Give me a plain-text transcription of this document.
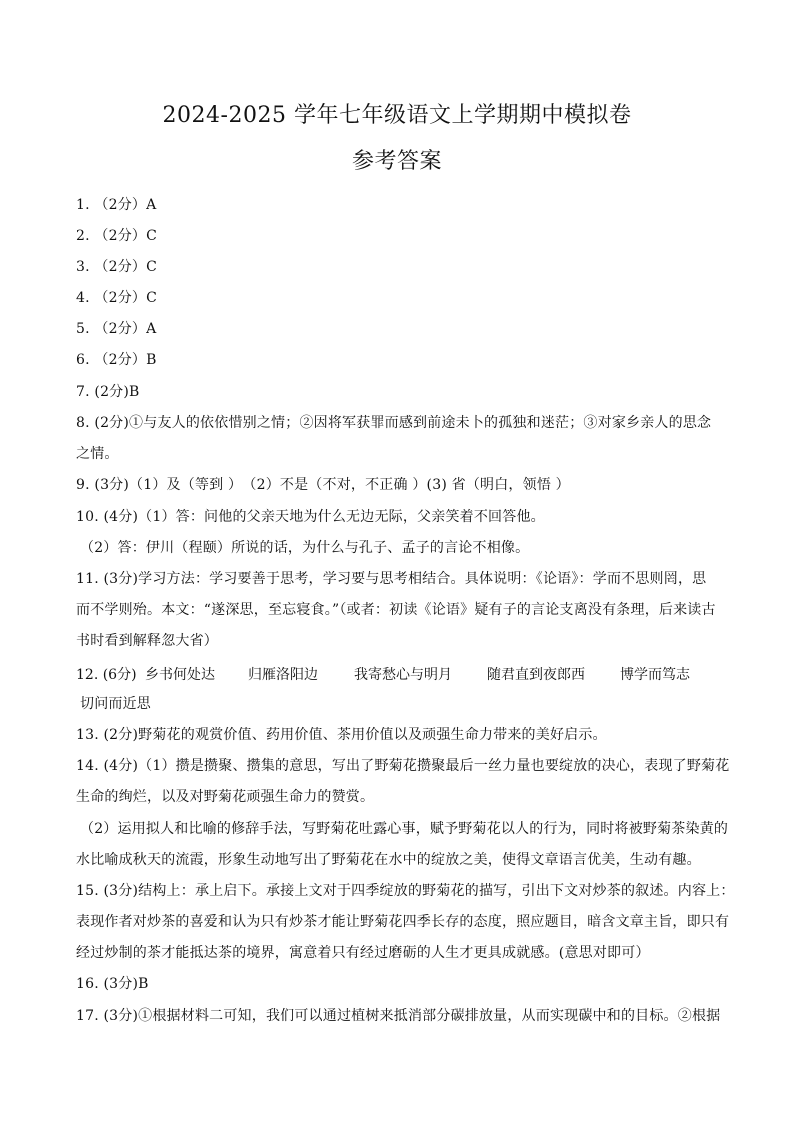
2024-2025 学年七年级语文上学期期中模拟卷
参考答案
1. （2分）A
2. （2分）C
3. （2分）C
4. （2分）C
5. （2分）A
6. （2分）B
7. (2分)B
8. (2分)①与友人的依依惜别之情；②因将军获罪而感到前途未卜的孤独和迷茫；③对家乡亲人的思念
之情。
9. (3分)（1）及（等到 ）　（2）不是（不对，不正确 ）(3) 省（明白，领悟 ）
10. (4分)（1）答：问他的父亲天地为什么无边无际，父亲笑着不回答他。
（2）答：伊川（程颐）所说的话，为什么与孔子、孟子的言论不相像。
11. (3分)学习方法：学习要善于思考，学习要与思考相结合。具体说明：《论语》：学而不思则罔，思
而不学则殆。本文：“遂深思，至忘寝食。”（或者：初读《论语》疑有子的言论支离没有条理，后来读古
书时看到解释忽大省）
12. (6分) 乡书何处达 归雁洛阳边	我寄愁心与明月	随君直到夜郎西	博学而笃志
切问而近思
13. (2分)野菊花的观赏价值、药用价值、茶用价值以及顽强生命力带来的美好启示。
14. (4分)（1）攒是攒聚、攒集的意思，写出了野菊花攒聚最后一丝力量也要绽放的决心，表现了野菊花
生命的绚烂，以及对野菊花顽强生命力的赞赏。
（2）运用拟人和比喻的修辞手法，写野菊花吐露心事，赋予野菊花以人的行为，同时将被野菊茶染黄的
水比喻成秋天的流霞，形象生动地写出了野菊花在水中的绽放之美，使得文章语言优美，生动有趣。
15. (3分)结构上：承上启下。承接上文对于四季绽放的野菊花的描写，引出下文对炒茶的叙述。内容上：
表现作者对炒茶的喜爱和认为只有炒茶才能让野菊花四季长存的态度，照应题目，暗含文章主旨，即只有
经过炒制的茶才能抵达茶的境界，寓意着只有经过磨砺的人生才更具成就感。(意思对即可）
16. (3分)B
17. (3分)①根据材料二可知，我们可以通过植树来抵消部分碳排放量，从而实现碳中和的目标。②根据
